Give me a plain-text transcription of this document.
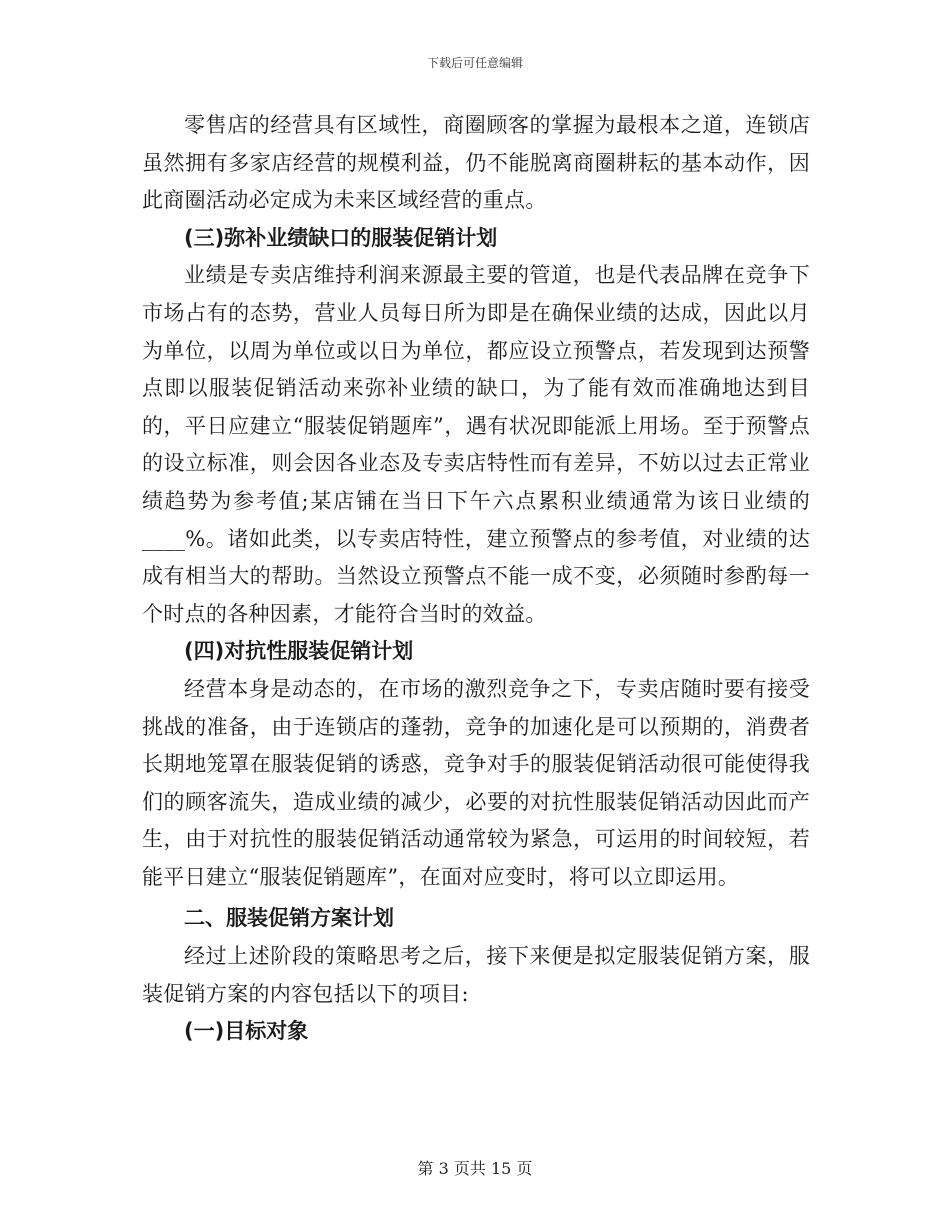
下载后可任意编辑

零售店的经营具有区域性，商圈顾客的掌握为最根本之道，连锁店虽然拥有多家店经营的规模利益，仍不能脱离商圈耕耘的基本动作，因此商圈活动必定成为未来区域经营的重点。

(三)弥补业绩缺口的服装促销计划

业绩是专卖店维持利润来源最主要的管道，也是代表品牌在竞争下市场占有的态势，营业人员每日所为即是在确保业绩的达成，因此以月为单位，以周为单位或以日为单位，都应设立预警点，若发现到达预警点即以服装促销活动来弥补业绩的缺口，为了能有效而准确地达到目的，平日应建立“服装促销题库”，遇有状况即能派上用场。至于预警点的设立标准，则会因各业态及专卖店特性而有差异，不妨以过去正常业绩趋势为参考值;某店铺在当日下午六点累积业绩通常为该日业绩的____%。诸如此类，以专卖店特性，建立预警点的参考值，对业绩的达成有相当大的帮助。当然设立预警点不能一成不变，必须随时参酌每一个时点的各种因素，才能符合当时的效益。

(四)对抗性服装促销计划

经营本身是动态的，在市场的激烈竞争之下，专卖店随时要有接受挑战的准备，由于连锁店的蓬勃，竞争的加速化是可以预期的，消费者长期地笼罩在服装促销的诱惑，竞争对手的服装促销活动很可能使得我们的顾客流失，造成业绩的减少，必要的对抗性服装促销活动因此而产生，由于对抗性的服装促销活动通常较为紧急，可运用的时间较短，若能平日建立“服装促销题库”，在面对应变时，将可以立即运用。

二、服装促销方案计划

经过上述阶段的策略思考之后，接下来便是拟定服装促销方案，服装促销方案的内容包括以下的项目:

(一)目标对象

第 3 页共 15 页
